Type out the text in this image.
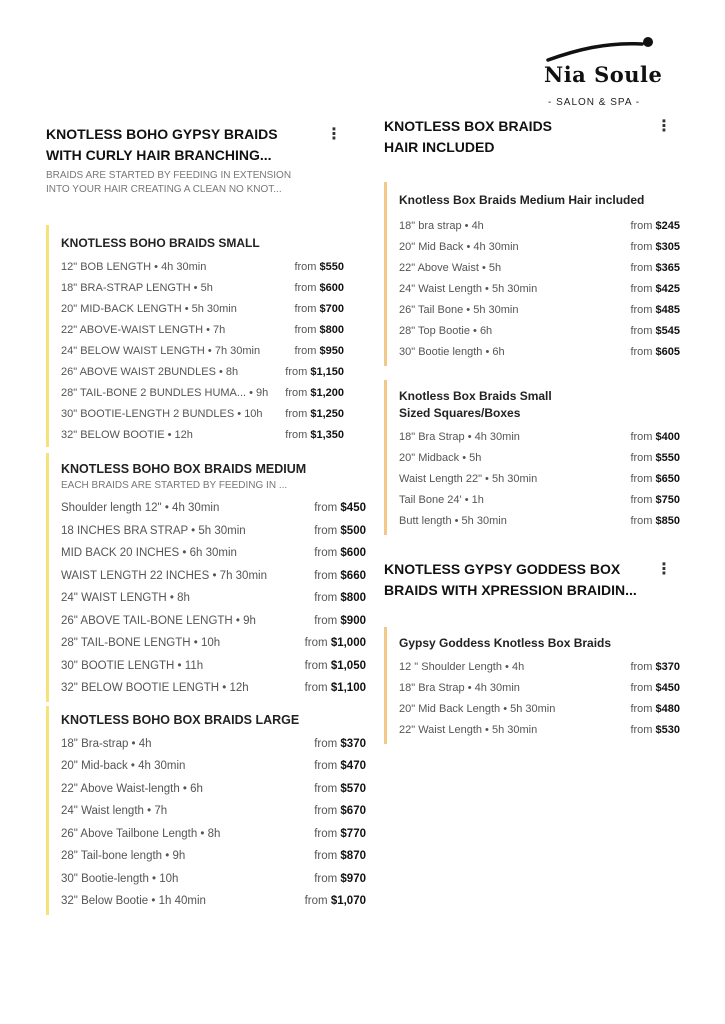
Nia Soule
- SALON & SPA -
KNOTLESS BOHO GYPSY BRAIDS WITH CURLY HAIR BRANCHING...
⋮
BRAIDS ARE STARTED BY FEEDING IN EXTENSION INTO YOUR HAIR CREATING A CLEAN NO KNOT...
KNOTLESS BOHO BRAIDS SMALL
12" BOB LENGTH • 4h 30min	from $550
18" BRA-STRAP LENGTH • 5h	from $600
20" MID-BACK LENGTH • 5h 30min	from $700
22" ABOVE-WAIST LENGTH • 7h	from $800
24" BELOW WAIST LENGTH • 7h 30min	from $950
26" ABOVE WAIST 2BUNDLES • 8h	from $1,150
28" TAIL-BONE 2 BUNDLES HUMA... • 9h from $1,200
30" BOOTIE-LENGTH 2 BUNDLES • 10h from $1,250
32" BELOW BOOTIE • 12h	from $1,350
KNOTLESS BOHO BOX BRAIDS MEDIUM
EACH BRAIDS ARE STARTED BY FEEDING IN ...
Shoulder length 12" • 4h 30min	from $450
18 INCHES BRA STRAP • 5h 30min	from $500
MID BACK 20 INCHES • 6h 30min	from $600
WAIST LENGTH 22 INCHES • 7h 30min	from $660
24" WAIST LENGTH • 8h	from $800
26" ABOVE TAIL-BONE LENGTH • 9h	from $900
28" TAIL-BONE LENGTH • 10h	from $1,000
30" BOOTIE LENGTH • 11h	from $1,050
32" BELOW BOOTIE LENGTH • 12h	from $1,100
KNOTLESS BOHO BOX BRAIDS LARGE
18" Bra-strap • 4h	from $370
20" Mid-back • 4h 30min	from $470
22" Above Waist-length • 6h	from $570
24" Waist length • 7h	from $670
26" Above Tailbone Length • 8h	from $770
28" Tail-bone length • 9h	from $870
30" Bootie-length • 10h	from $970
32" Below Bootie • 1h 40min	from $1,070
KNOTLESS BOX BRAIDS HAIR INCLUDED
⋮
Knotless Box Braids Medium Hair included
18" bra strap • 4h	from $245
20" Mid Back • 4h 30min	from $305
22" Above Waist • 5h	from $365
24" Waist Length • 5h 30min	from $425
26" Tail Bone • 5h 30min	from $485
28" Top Bootie • 6h	from $545
30" Bootie length • 6h	from $605
Knotless Box Braids Small Sized Squares/Boxes
18" Bra Strap • 4h 30min	from $400
20" Midback • 5h	from $550
Waist Length 22" • 5h 30min	from $650
Tail Bone 24' • 1h	from $750
Butt length • 5h 30min	from $850
KNOTLESS GYPSY GODDESS BOX BRAIDS WITH XPRESSION BRAIDIN...
⋮
Gypsy Goddess Knotless Box Braids
12 " Shoulder Length • 4h	from $370
18" Bra Strap • 4h 30min	from $450
20" Mid Back Length • 5h 30min	from $480
22" Waist Length • 5h 30min	from $530
